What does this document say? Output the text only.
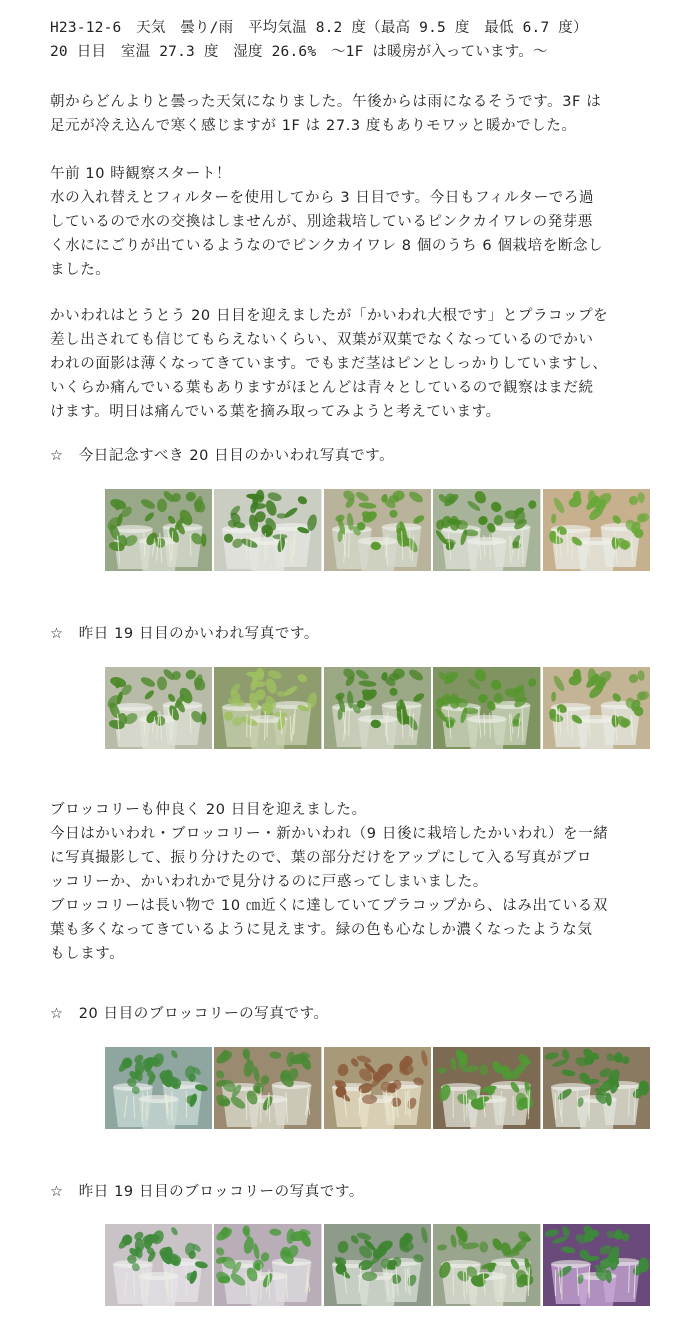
H23-12-6　天気　曇り/雨　平均気温 8.2 度（最高 9.5 度　最低 6.7 度）
20 日目　室温 27.3 度　湿度 26.6%　～1F は暖房が入っています。～
朝からどんよりと曇った天気になりました。午後からは雨になるそうです。3F は
足元が冷え込んで寒く感じますが 1F は 27.3 度もありモワッと暖かでした。
午前 10 時観察スタート！
水の入れ替えとフィルターを使用してから 3 日目です。今日もフィルターでろ過
しているので水の交換はしませんが、別途栽培しているピンクカイワレの発芽悪
く水ににごりが出ているようなのでピンクカイワレ 8 個のうち 6 個栽培を断念し
ました。
かいわれはとうとう 20 日目を迎えましたが「かいわれ大根です」とプラコップを
差し出されても信じてもらえないくらい、双葉が双葉でなくなっているのでかい
われの面影は薄くなってきています。でもまだ茎はピンとしっかりしていますし、
いくらか痛んでいる葉もありますがほとんどは青々としているので観察はまだ続
けます。明日は痛んでいる葉を摘み取ってみようと考えています。
☆　今日記念すべき 20 日目のかいわれ写真です。
☆　昨日 19 日目のかいわれ写真です。
ブロッコリーも仲良く 20 日目を迎えました。
今日はかいわれ・ブロッコリー・新かいわれ（9 日後に栽培したかいわれ）を一緒
に写真撮影して、振り分けたので、葉の部分だけをアップにして入る写真がブロ
ッコリーか、かいわれかで見分けるのに戸惑ってしまいました。
ブロッコリーは長い物で 10 ㎝近くに達していてプラコップから、はみ出ている双
葉も多くなってきているように見えます。緑の色も心なしか濃くなったような気
もします。
☆　20 日目のブロッコリーの写真です。
☆　昨日 19 日目のブロッコリーの写真です。
